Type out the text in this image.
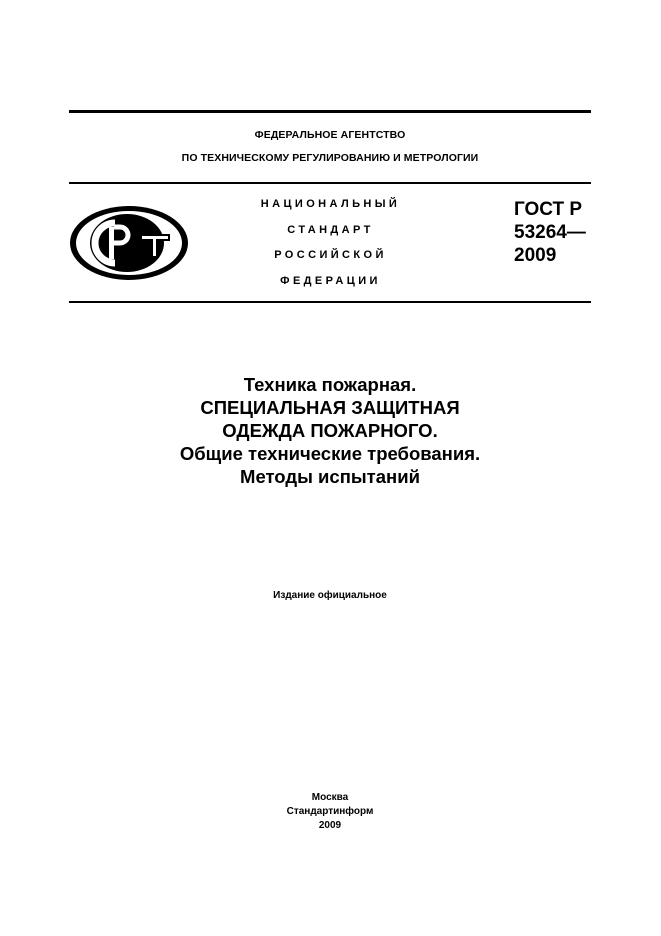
ФЕДЕРАЛЬНОЕ АГЕНТСТВО
ПО ТЕХНИЧЕСКОМУ РЕГУЛИРОВАНИЮ И МЕТРОЛОГИИ
НАЦИОНАЛЬНЫЙ
СТАНДАРТ
РОССИЙСКОЙ
ФЕДЕРАЦИИ
ГОСТ Р
53264—
2009
Техника пожарная.
СПЕЦИАЛЬНАЯ ЗАЩИТНАЯ
ОДЕЖДА ПОЖАРНОГО.
Общие технические требования.
Методы испытаний
Издание официальное
Москва
Стандартинформ
2009
